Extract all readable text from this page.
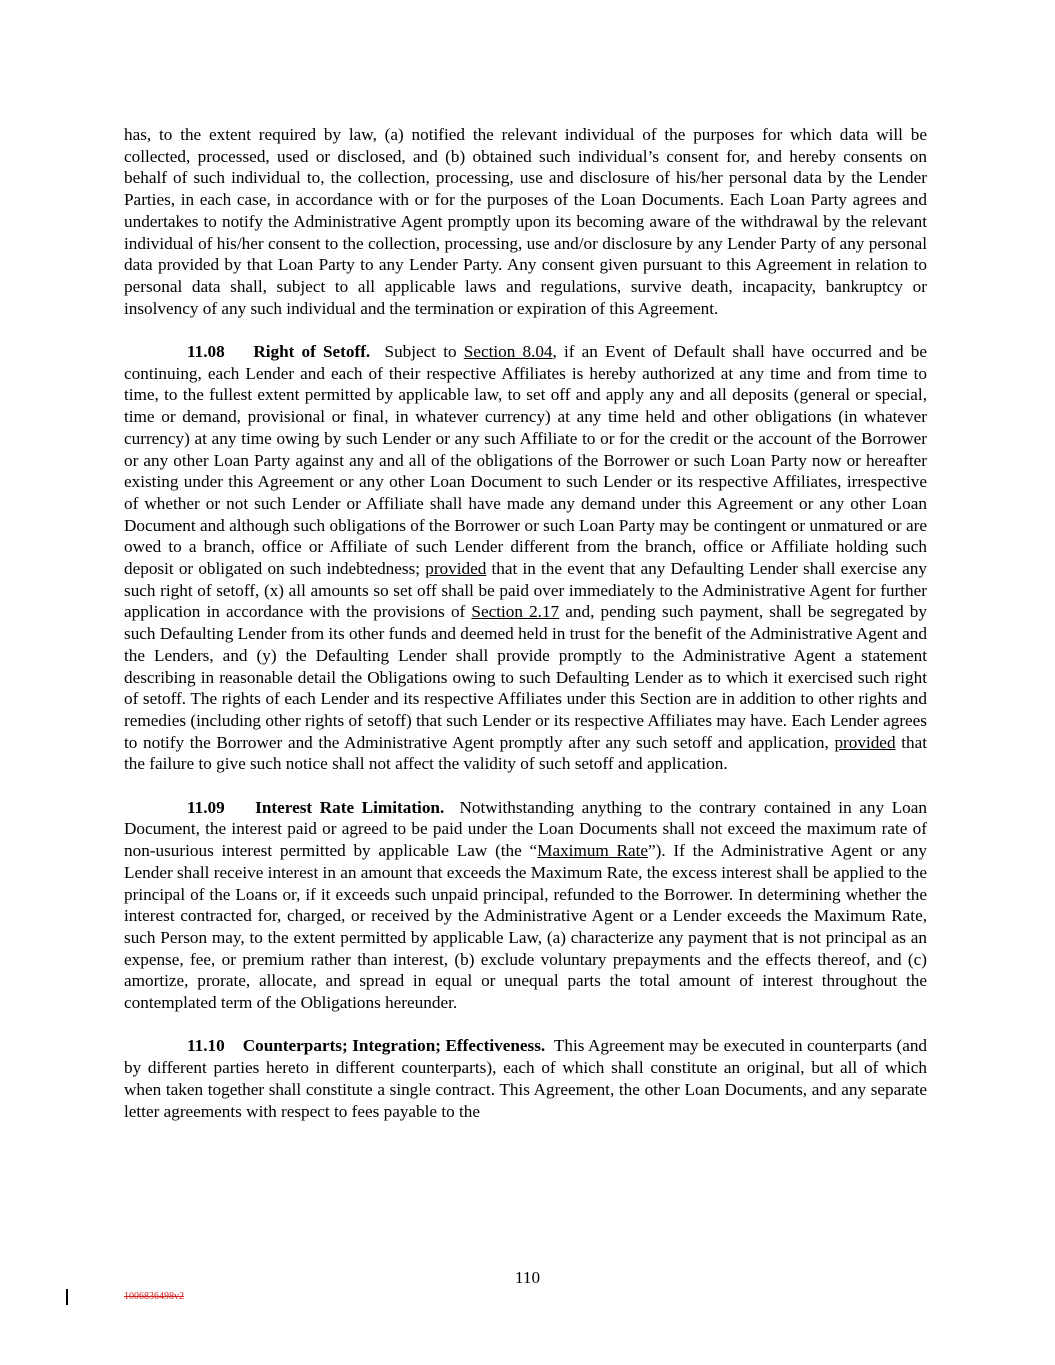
has, to the extent required by law, (a) notified the relevant individual of the purposes for which data will be collected, processed, used or disclosed, and (b) obtained such individual’s consent for, and hereby consents on behalf of such individual to, the collection, processing, use and disclosure of his/her personal data by the Lender Parties, in each case, in accordance with or for the purposes of the Loan Documents. Each Loan Party agrees and undertakes to notify the Administrative Agent promptly upon its becoming aware of the withdrawal by the relevant individual of his/her consent to the collection, processing, use and/or disclosure by any Lender Party of any personal data provided by that Loan Party to any Lender Party. Any consent given pursuant to this Agreement in relation to personal data shall, subject to all applicable laws and regulations, survive death, incapacity, bankruptcy or insolvency of any such individual and the termination or expiration of this Agreement.

11.08 Right of Setoff. Subject to Section 8.04, if an Event of Default shall have occurred and be continuing, each Lender and each of their respective Affiliates is hereby authorized at any time and from time to time, to the fullest extent permitted by applicable law, to set off and apply any and all deposits (general or special, time or demand, provisional or final, in whatever currency) at any time held and other obligations (in whatever currency) at any time owing by such Lender or any such Affiliate to or for the credit or the account of the Borrower or any other Loan Party against any and all of the obligations of the Borrower or such Loan Party now or hereafter existing under this Agreement or any other Loan Document to such Lender or its respective Affiliates, irrespective of whether or not such Lender or Affiliate shall have made any demand under this Agreement or any other Loan Document and although such obligations of the Borrower or such Loan Party may be contingent or unmatured or are owed to a branch, office or Affiliate of such Lender different from the branch, office or Affiliate holding such deposit or obligated on such indebtedness; provided that in the event that any Defaulting Lender shall exercise any such right of setoff, (x) all amounts so set off shall be paid over immediately to the Administrative Agent for further application in accordance with the provisions of Section 2.17 and, pending such payment, shall be segregated by such Defaulting Lender from its other funds and deemed held in trust for the benefit of the Administrative Agent and the Lenders, and (y) the Defaulting Lender shall provide promptly to the Administrative Agent a statement describing in reasonable detail the Obligations owing to such Defaulting Lender as to which it exercised such right of setoff. The rights of each Lender and its respective Affiliates under this Section are in addition to other rights and remedies (including other rights of setoff) that such Lender or its respective Affiliates may have. Each Lender agrees to notify the Borrower and the Administrative Agent promptly after any such setoff and application, provided that the failure to give such notice shall not affect the validity of such setoff and application.

11.09 Interest Rate Limitation. Notwithstanding anything to the contrary contained in any Loan Document, the interest paid or agreed to be paid under the Loan Documents shall not exceed the maximum rate of non-usurious interest permitted by applicable Law (the “Maximum Rate”). If the Administrative Agent or any Lender shall receive interest in an amount that exceeds the Maximum Rate, the excess interest shall be applied to the principal of the Loans or, if it exceeds such unpaid principal, refunded to the Borrower. In determining whether the interest contracted for, charged, or received by the Administrative Agent or a Lender exceeds the Maximum Rate, such Person may, to the extent permitted by applicable Law, (a) characterize any payment that is not principal as an expense, fee, or premium rather than interest, (b) exclude voluntary prepayments and the effects thereof, and (c) amortize, prorate, allocate, and spread in equal or unequal parts the total amount of interest throughout the contemplated term of the Obligations hereunder.

11.10 Counterparts; Integration; Effectiveness. This Agreement may be executed in counterparts (and by different parties hereto in different counterparts), each of which shall constitute an original, but all of which when taken together shall constitute a single contract. This Agreement, the other Loan Documents, and any separate letter agreements with respect to fees payable to the

110
1006836498v2
